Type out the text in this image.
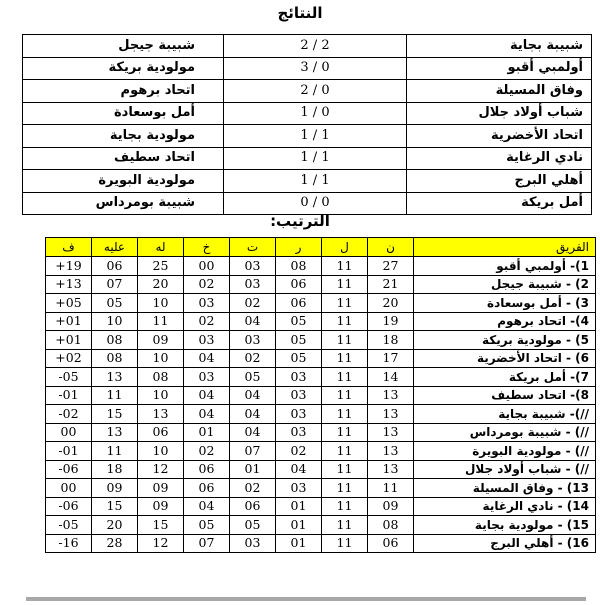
النتائج
شبيبة بجاية	2 / 2	شبيبة جيجل
أولمبي أقبو	0 / 3	مولودية بريكة
وفاق المسيلة	0 / 2	اتحاد برهوم
شباب أولاد جلال	0 / 1	أمل بوسعادة
اتحاد الأخضرية	1 / 1	مولودية بجاية
نادي الرغاية	1 / 1	اتحاد سطيف
أهلي البرج	1 / 1	مولودية البويرة
أمل بريكة	0 / 0	شبيبة بومرداس
الترتيب:
الفريق	ن	ل	ر	ت	خ	له	عليه	ف
1)- أولمبي أقبو	27	11	08	03	00	25	06	19+
2) - شبيبة جيجل	21	11	06	03	02	20	07	13+
3) - أمل بوسعادة	20	11	06	02	03	10	05	05+
4)- اتحاد برهوم	19	11	05	04	02	11	10	01+
5) - مولودية بريكة	18	11	05	03	03	09	08	01+
6) - اتحاد الأخضرية	17	11	05	02	04	10	08	02+
7)- أمل بريكة	14	11	03	05	03	08	13	05-
8)- اتحاد سطيف	13	11	03	04	04	10	11	01-
//)- شبيبة بجاية	13	11	03	04	04	13	15	02-
//) - شبيبة بومرداس	13	11	03	04	01	06	13	00
//) - مولودية البويرة	13	11	02	07	02	10	11	01-
//) - شباب أولاد جلال	13	11	04	01	06	12	18	06-
13) - وفاق المسيلة	11	11	03	02	06	09	09	00
14) - نادي الرغاية	09	11	01	06	04	09	15	06-
15) - مولودية بجاية	08	11	01	05	05	15	20	05-
16) - أهلي البرج	06	11	01	03	07	12	28	16-
